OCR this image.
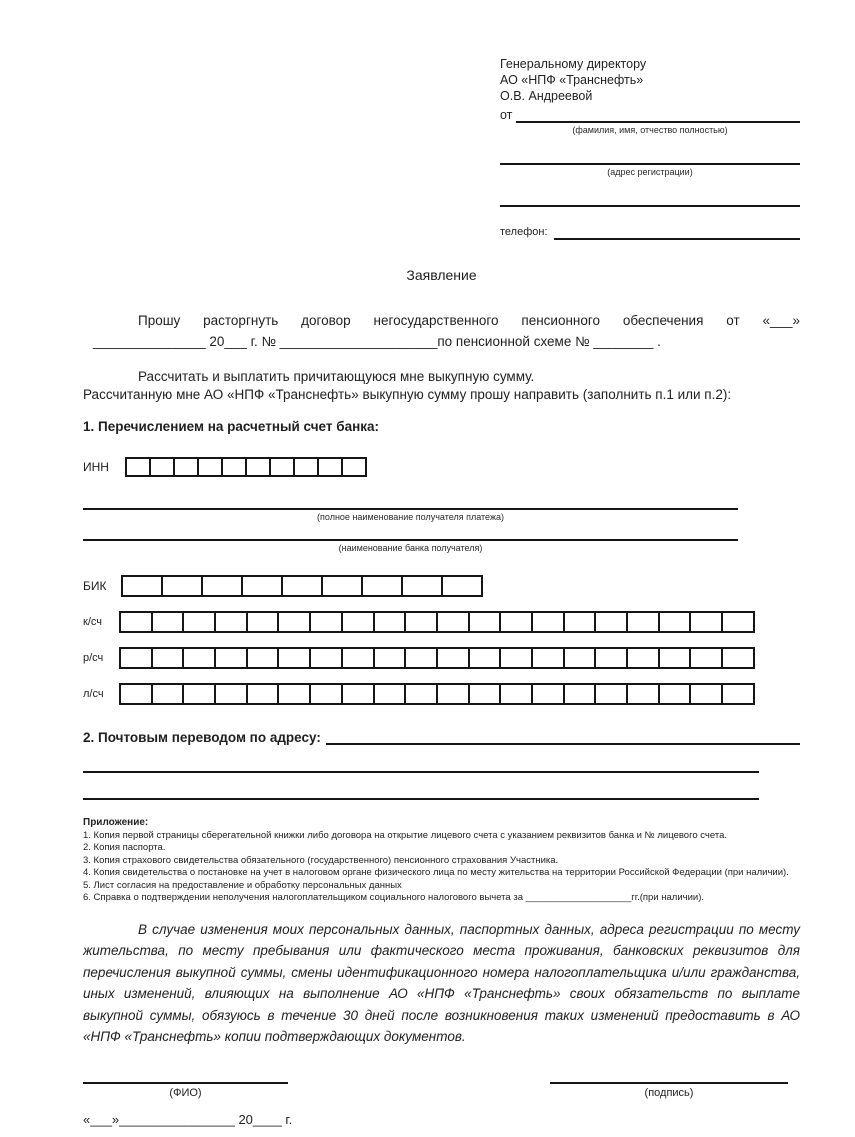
Генеральному директору
АО «НПФ «Транснефть»
О.В. Андреевой
от
(фамилия, имя, отчество полностью)
(адрес регистрации)
телефон:
Заявление
Прошу расторгнуть договор негосударственного пенсионного обеспечения от «___»
_______________ 20___ г. № _____________________по пенсионной схеме № ________ .
Рассчитать и выплатить причитающуюся мне выкупную сумму.
Рассчитанную мне АО «НПФ «Транснефть» выкупную сумму прошу направить (заполнить п.1 или п.2):
1. Перечислением на расчетный счет банка:
ИНН
(полное наименование получателя платежа)
(наименование банка получателя)
БИК
к/сч
р/сч
л/сч
2. Почтовым переводом по адресу:
Приложение:
1. Копия первой страницы сберегательной книжки либо договора на открытие лицевого счета с указанием реквизитов банка и № лицевого счета.
2. Копия паспорта.
3. Копия страхового свидетельства обязательного (государственного) пенсионного страхования Участника.
4. Копия свидетельства о постановке на учет в налоговом органе физического лица по месту жительства на территории Российской Федерации (при наличии).
5. Лист согласия на предоставление и обработку персональных данных
6. Справка о подтверждении неполучения налогоплательщиком социального налогового вычета за ____________________гг.(при наличии).
В случае изменения моих персональных данных, паспортных данных, адреса регистрации по месту жительства, по месту пребывания или фактического места проживания, банковских реквизитов для перечисления выкупной суммы, смены идентификационного номера налогоплательщика и/или гражданства, иных изменений, влияющих на выполнение АО «НПФ «Транснефть» своих обязательств по выплате выкупной суммы, обязуюсь в течение 30 дней после возникновения таких изменений предоставить в АО «НПФ «Транснефть» копии подтверждающих документов.
(ФИО)	(подпись)
«___»________________ 20____ г.
